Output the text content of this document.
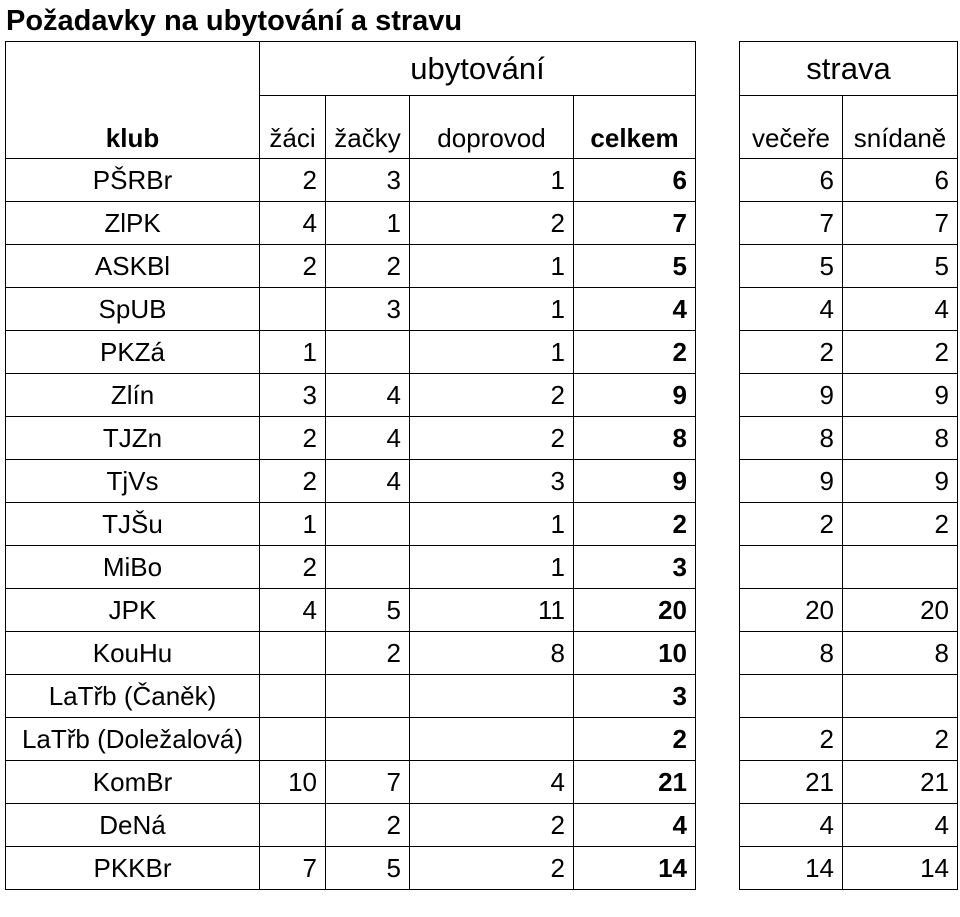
Požadavky na ubytování a stravu
	ubytování					strava	
klub	žáci	žačky	doprovod	celkem		večeře	snídaně
PŠRBr	2	3	1	6		6	6
ZlPK	4	1	2	7		7	7
ASKBl	2	2	1	5		5	5
SpUB		3	1	4		4	4
PKZá	1		1	2		2	2
Zlín	3	4	2	9		9	9
TJZn	2	4	2	8		8	8
TjVs	2	4	3	9		9	9
TJŠu	1		1	2		2	2
MiBo	2		1	3			
JPK	4	5	11	20		20	20
KouHu		2	8	10		8	8
LaTřb (Čaněk)				3			
LaTřb (Doležalová)				2		2	2
KomBr	10	7	4	21		21	21
DeNá		2	2	4		4	4
PKKBr	7	5	2	14		14	14
